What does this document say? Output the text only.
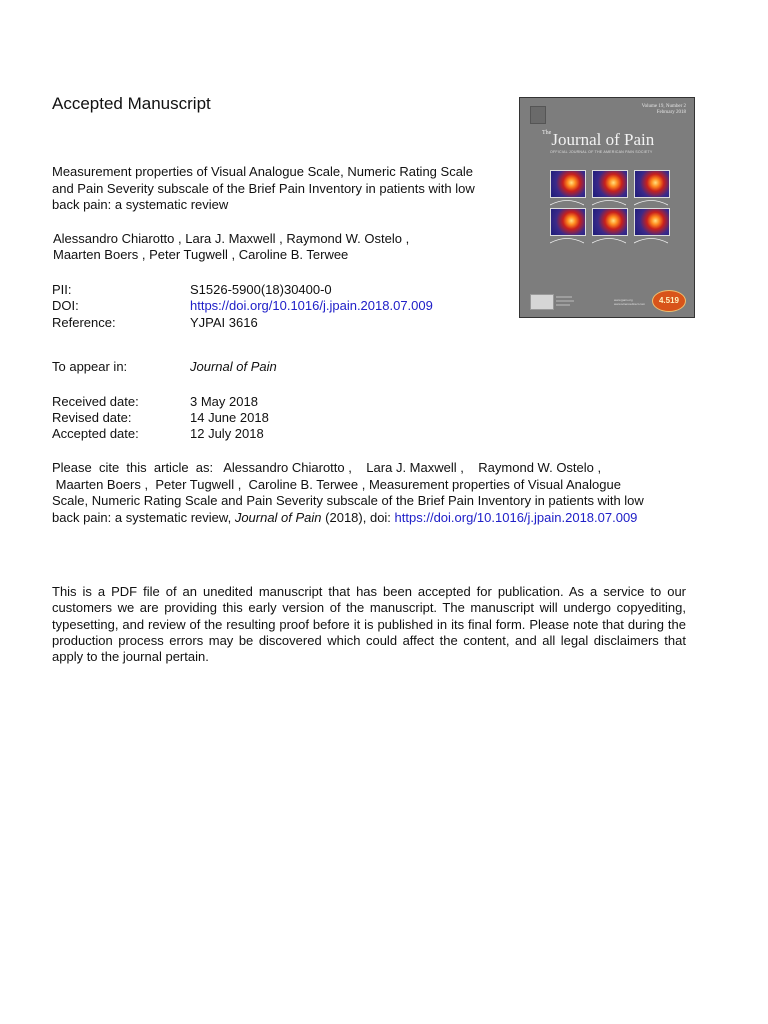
Accepted Manuscript
Measurement properties of Visual Analogue Scale, Numeric Rating Scale and Pain Severity subscale of the Brief Pain Inventory in patients with low back pain: a systematic review
Alessandro Chiarotto , Lara J. Maxwell , Raymond W. Ostelo ,
Maarten Boers , Peter Tugwell , Caroline B. Terwee
PII:	S1526-5900(18)30400-0
DOI:	https://doi.org/10.1016/j.jpain.2018.07.009
Reference:	YJPAI 3616
To appear in:	Journal of Pain
Received date:	3 May 2018
Revised date:	14 June 2018
Accepted date:	12 July 2018
Please  cite  this  article  as:   Alessandro Chiarotto ,    Lara J. Maxwell ,    Raymond W. Ostelo ,
Maarten Boers ,  Peter Tugwell ,  Caroline B. Terwee , Measurement properties of Visual Analogue
Scale, Numeric Rating Scale and Pain Severity subscale of the Brief Pain Inventory in patients with low
back pain: a systematic review, Journal of Pain (2018), doi: https://doi.org/10.1016/j.jpain.2018.07.009
This is a PDF file of an unedited manuscript that has been accepted for publication. As a service to our customers we are providing this early version of the manuscript. The manuscript will undergo copyediting, typesetting, and review of the resulting proof before it is published in its final form. Please note that during the production process errors may be discovered which could affect the content, and all legal disclaimers that apply to the journal pertain.
Volume 19, Number 2
February 2018
$^{The}$Journal of Pain
OFFICIAL JOURNAL OF THE AMERICAN PAIN SOCIETY
www.jpain.org
www.sciencedirect.com	4.519
